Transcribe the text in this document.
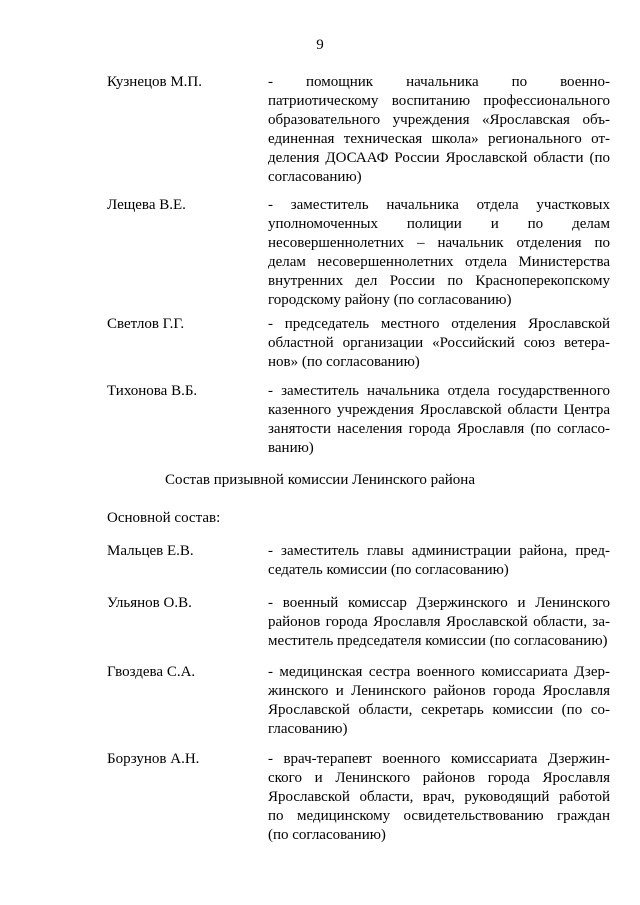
9
Кузнецов М.П.	- помощник начальника по военно-
патриотическому воспитанию профессионального
образовательного учреждения «Ярославская объ-
единенная техническая школа» регионального от-
деления ДОСААФ России Ярославской области (по
согласованию)
Лещева В.Е.	- заместитель начальника отдела участковых
уполномоченных полиции и по делам
несовершеннолетних – начальник отделения по
делам несовершеннолетних отдела Министерства
внутренних дел России по Красноперекопскому
городскому району (по согласованию)
Светлов Г.Г.	- председатель местного отделения Ярославской
областной организации «Российский союз ветера-
нов» (по согласованию)
Тихонова В.Б.	- заместитель начальника отдела государственного
казенного учреждения Ярославской области Центра
занятости населения города Ярославля (по согласо-
ванию)
Состав призывной комиссии Ленинского района
Основной состав:
Мальцев Е.В.	- заместитель главы администрации района, пред-
седатель комиссии (по согласованию)
Ульянов О.В.	- военный комиссар Дзержинского и Ленинского
районов города Ярославля Ярославской области, за-
меститель председателя комиссии (по согласованию)
Гвоздева С.А.	- медицинская сестра военного комиссариата Дзер-
жинского и Ленинского районов города Ярославля
Ярославской области, секретарь комиссии (по со-
гласованию)
Борзунов А.Н.	- врач-терапевт военного комиссариата Дзержин-
ского и Ленинского районов города Ярославля
Ярославской области, врач, руководящий работой
по медицинскому освидетельствованию граждан
(по согласованию)
